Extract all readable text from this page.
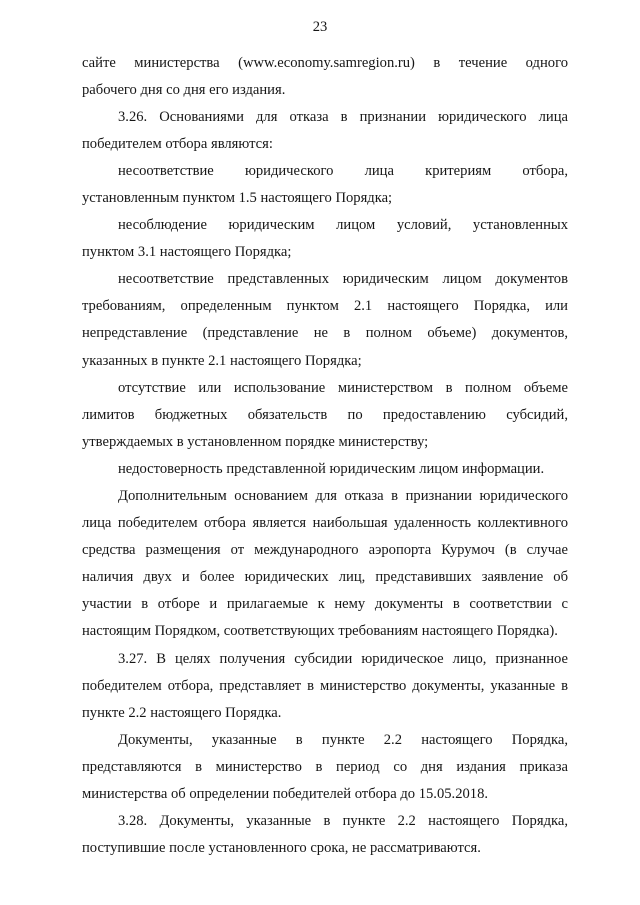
23
сайте министерства (www.economy.samregion.ru) в течение одного
рабочего дня со дня его издания.
3.26. Основаниями для отказа в признании юридического лица
победителем отбора являются:
несоответствие юридического лица критериям отбора,
установленным пунктом 1.5 настоящего Порядка;
несоблюдение юридическим лицом условий, установленных
пунктом 3.1 настоящего Порядка;
несоответствие представленных юридическим лицом документов
требованиям, определенным пунктом 2.1 настоящего Порядка, или
непредставление (представление не в полном объеме) документов,
указанных в пункте 2.1 настоящего Порядка;
отсутствие или использование министерством в полном объеме
лимитов бюджетных обязательств по предоставлению субсидий,
утверждаемых в установленном порядке министерству;
недостоверность представленной юридическим лицом информации.
Дополнительным основанием для отказа в признании юридического
лица победителем отбора является наибольшая удаленность коллективного
средства размещения от международного аэропорта Курумоч (в случае
наличия двух и более юридических лиц, представивших заявление об
участии в отборе и прилагаемые к нему документы в соответствии с
настоящим Порядком, соответствующих требованиям настоящего Порядка).
3.27. В целях получения субсидии юридическое лицо, признанное
победителем отбора, представляет в министерство документы, указанные в
пункте 2.2 настоящего Порядка.
Документы, указанные в пункте 2.2 настоящего Порядка,
представляются в министерство в период со дня издания приказа
министерства об определении победителей отбора до 15.05.2018.
3.28. Документы, указанные в пункте 2.2 настоящего Порядка,
поступившие после установленного срока, не рассматриваются.
